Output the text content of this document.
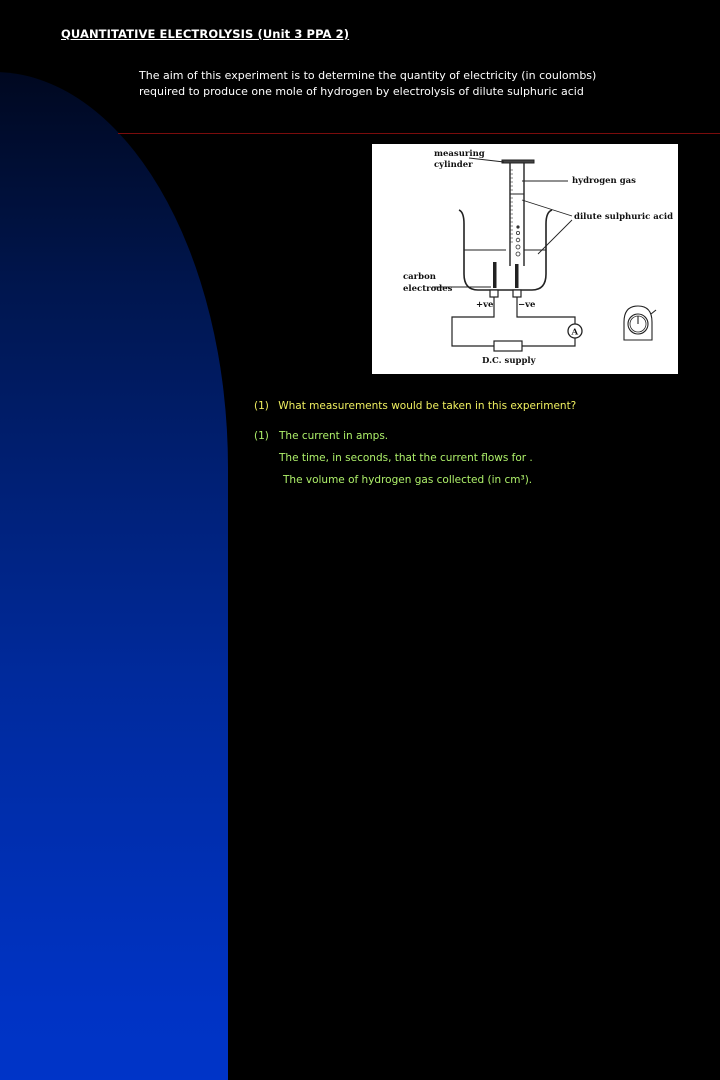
QUANTITATIVE ELECTROLYSIS (Unit 3 PPA 2)
The aim of this experiment is to determine the quantity of electricity (in coulombs)
required to produce one mole of hydrogen by electrolysis of dilute sulphuric acid
A
measuring
cylinder
hydrogen gas
dilute sulphuric acid
carbon
electrodes
+ve	−ve
D.C. supply
(1) What measurements would be taken in this experiment?
(1) The current in amps.
The time, in seconds, that the current flows for .
The volume of hydrogen gas collected (in cm³).
